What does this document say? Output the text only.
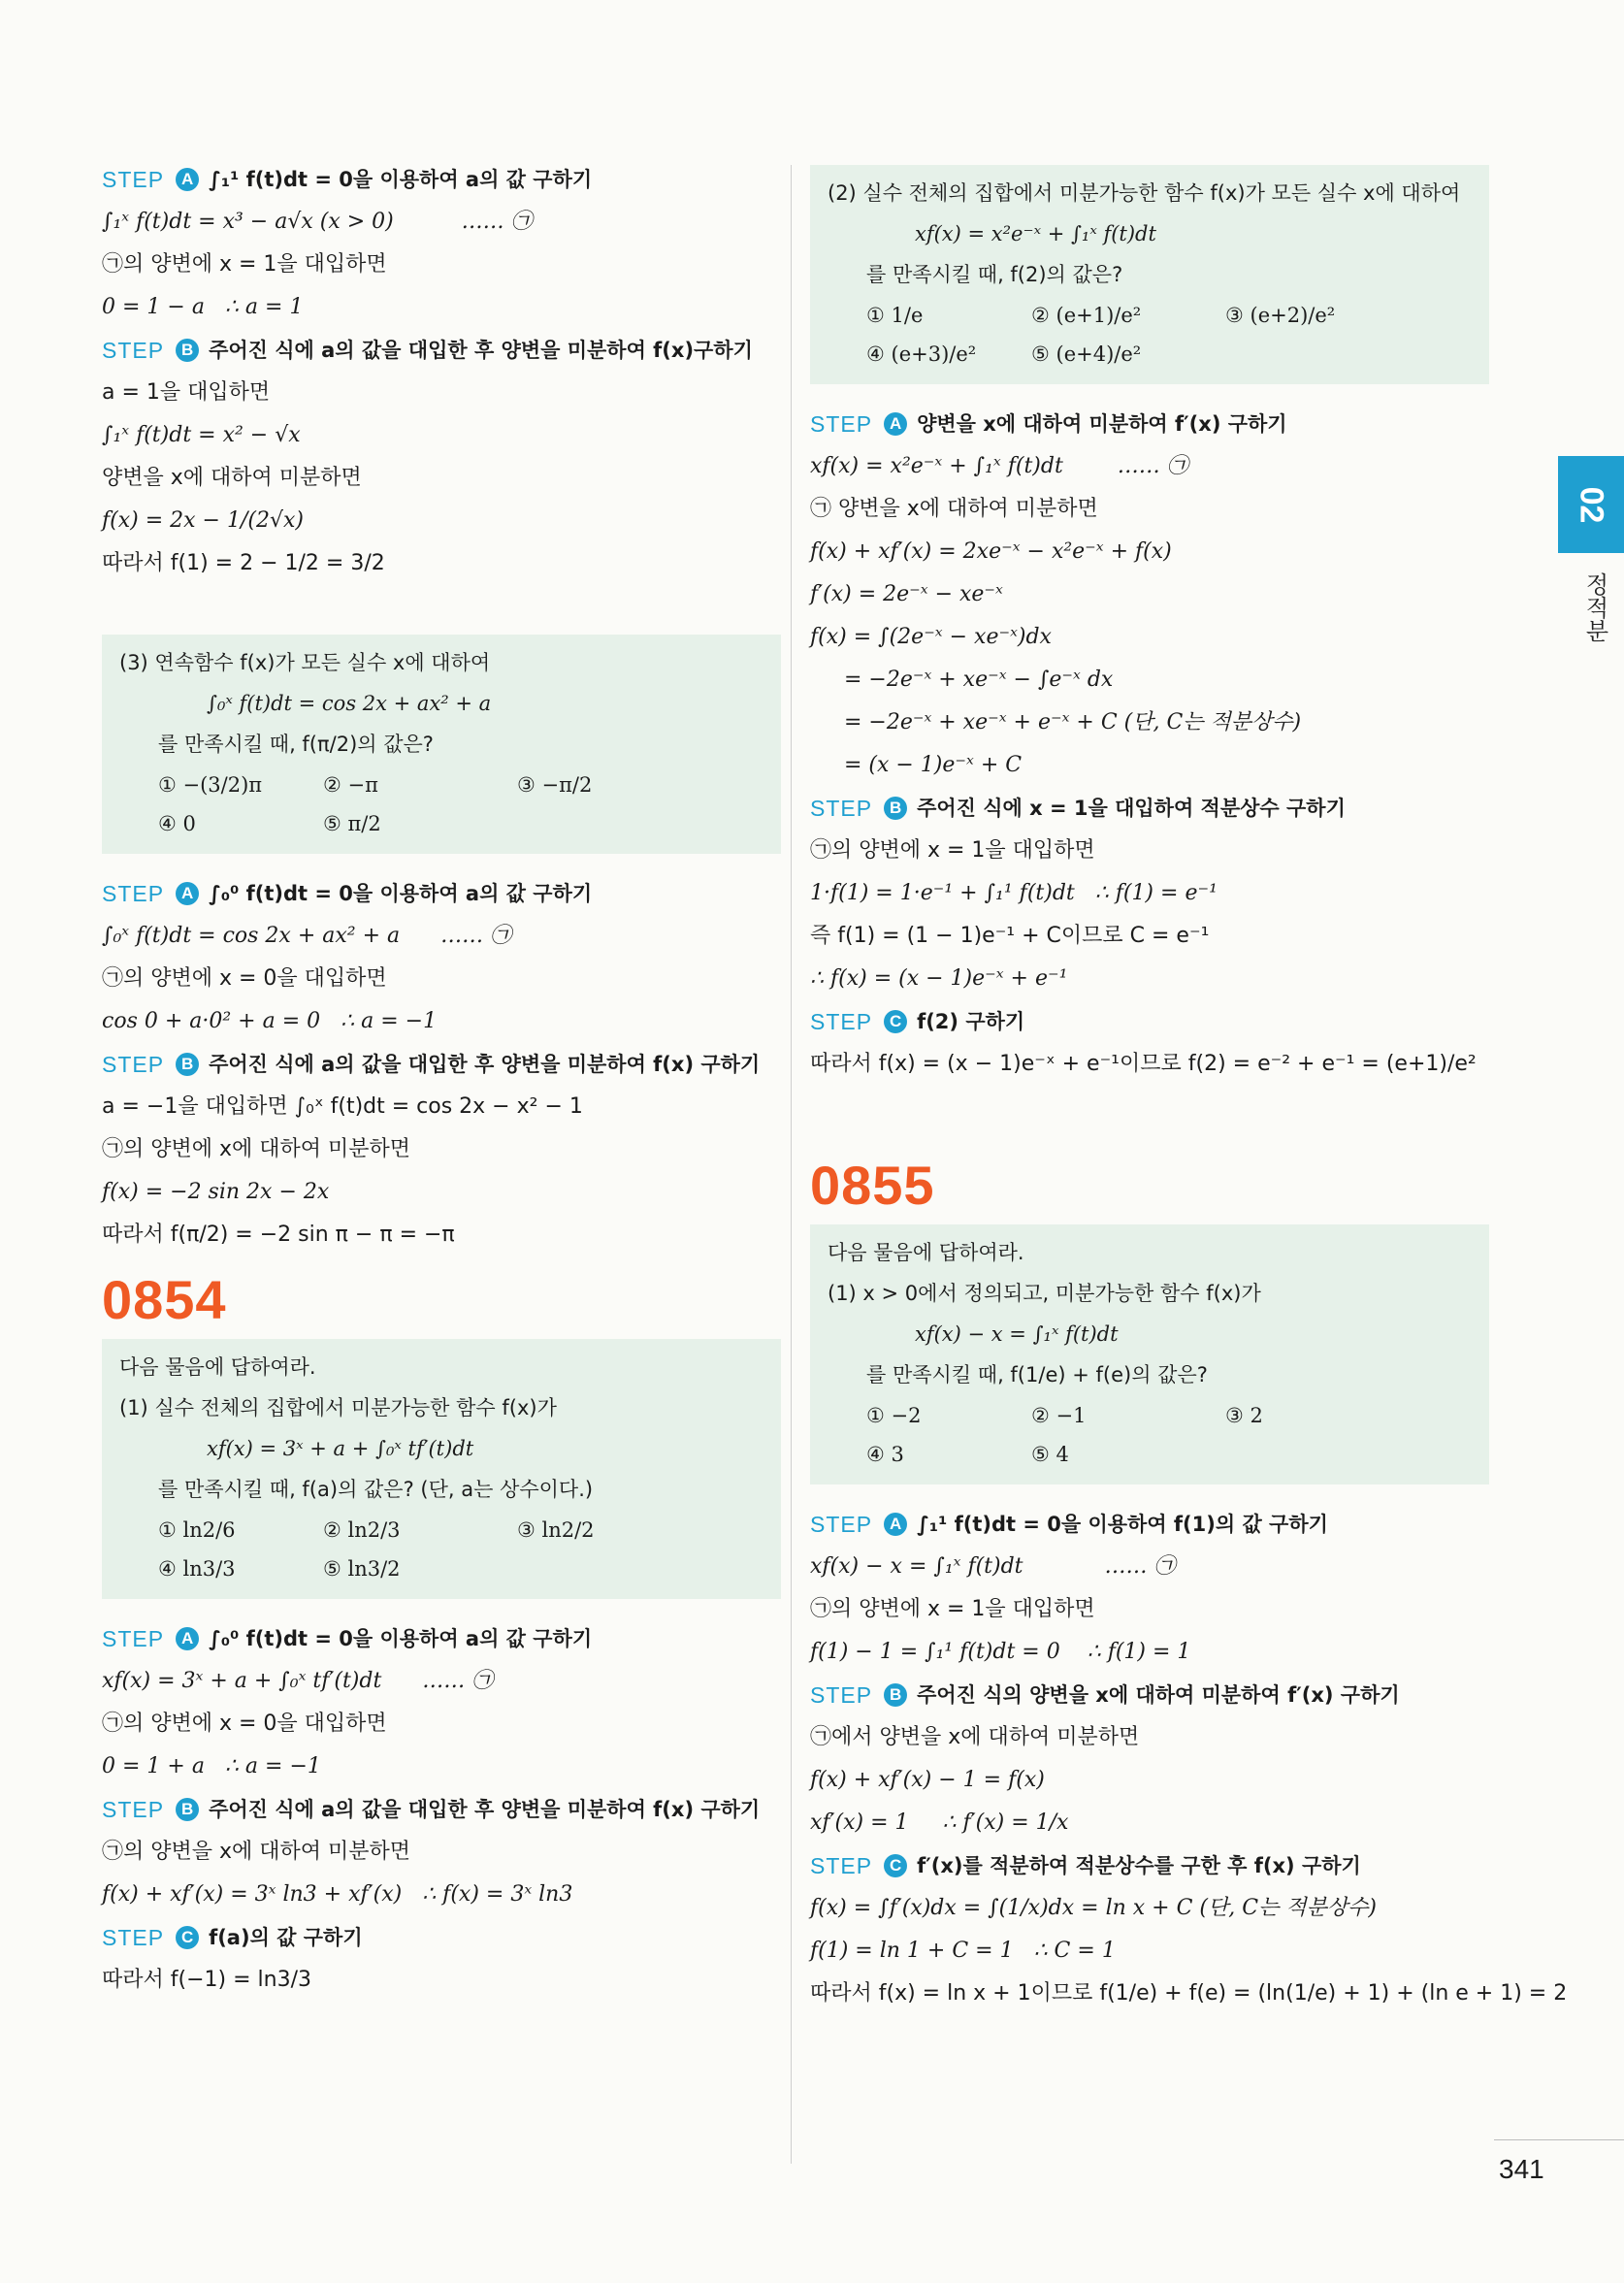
STEP	A ∫₁¹ f(t)dt = 0을 이용하여 a의 값 구하기
∫₁ˣ f(t)dt = x³ − a√x (x > 0)          …… ㉠
㉠의 양변에 x = 1을 대입하면
0 = 1 − a   ∴ a = 1
STEP	B 주어진 식에 a의 값을 대입한 후 양변을 미분하여 f(x)구하기
a = 1을 대입하면
∫₁ˣ f(t)dt = x² − √x
양변을 x에 대하여 미분하면
f(x) = 2x − 1/(2√x)
따라서 f(1) = 2 − 1/2 = 3/2
(3) 연속함수 f(x)가 모든 실수 x에 대하여
∫₀ˣ f(t)dt = cos 2x + ax² + a
를 만족시킬 때, f(π/2)의 값은?
① −(3/2)π	② −π	③ −π/2
④ 0	⑤ π/2
STEP	A ∫₀⁰ f(t)dt = 0을 이용하여 a의 값 구하기
∫₀ˣ f(t)dt = cos 2x + ax² + a      …… ㉠
㉠의 양변에 x = 0을 대입하면
cos 0 + a·0² + a = 0   ∴ a = −1
STEP	B 주어진 식에 a의 값을 대입한 후 양변을 미분하여 f(x) 구하기
a = −1을 대입하면 ∫₀ˣ f(t)dt = cos 2x − x² − 1
㉠의 양변에 x에 대하여 미분하면
f(x) = −2 sin 2x − 2x
따라서 f(π/2) = −2 sin π − π = −π
0854
다음 물음에 답하여라.
(1) 실수 전체의 집합에서 미분가능한 함수 f(x)가
xf(x) = 3ˣ + a + ∫₀ˣ tf′(t)dt
를 만족시킬 때, f(a)의 값은? (단, a는 상수이다.)
① ln2/6	② ln2/3	③ ln2/2
④ ln3/3	⑤ ln3/2
STEP	A ∫₀⁰ f(t)dt = 0을 이용하여 a의 값 구하기
xf(x) = 3ˣ + a + ∫₀ˣ tf′(t)dt      …… ㉠
㉠의 양변에 x = 0을 대입하면
0 = 1 + a   ∴ a = −1
STEP	B 주어진 식에 a의 값을 대입한 후 양변을 미분하여 f(x) 구하기
㉠의 양변을 x에 대하여 미분하면
f(x) + xf′(x) = 3ˣ ln3 + xf′(x)   ∴ f(x) = 3ˣ ln3
STEP	C f(a)의 값 구하기
따라서 f(−1) = ln3/3
(2) 실수 전체의 집합에서 미분가능한 함수 f(x)가 모든 실수 x에 대하여
xf(x) = x²e⁻ˣ + ∫₁ˣ f(t)dt
를 만족시킬 때, f(2)의 값은?
① 1/e	② (e+1)/e²	③ (e+2)/e²
④ (e+3)/e²	⑤ (e+4)/e²
STEP	A 양변을 x에 대하여 미분하여 f′(x) 구하기
xf(x) = x²e⁻ˣ + ∫₁ˣ f(t)dt        …… ㉠
㉠ 양변을 x에 대하여 미분하면
f(x) + xf′(x) = 2xe⁻ˣ − x²e⁻ˣ + f(x)
f′(x) = 2e⁻ˣ − xe⁻ˣ
f(x) = ∫(2e⁻ˣ − xe⁻ˣ)dx
= −2e⁻ˣ + xe⁻ˣ − ∫e⁻ˣ dx
= −2e⁻ˣ + xe⁻ˣ + e⁻ˣ + C (단, C는 적분상수)
= (x − 1)e⁻ˣ + C
STEP	B 주어진 식에 x = 1을 대입하여 적분상수 구하기
㉠의 양변에 x = 1을 대입하면
1·f(1) = 1·e⁻¹ + ∫₁¹ f(t)dt   ∴ f(1) = e⁻¹
즉 f(1) = (1 − 1)e⁻¹ + C이므로 C = e⁻¹
∴ f(x) = (x − 1)e⁻ˣ + e⁻¹
STEP	C f(2) 구하기
따라서 f(x) = (x − 1)e⁻ˣ + e⁻¹이므로 f(2) = e⁻² + e⁻¹ = (e+1)/e²
0855
다음 물음에 답하여라.
(1) x > 0에서 정의되고, 미분가능한 함수 f(x)가
xf(x) − x = ∫₁ˣ f(t)dt
를 만족시킬 때, f(1/e) + f(e)의 값은?
① −2	② −1	③ 2
④ 3	⑤ 4
STEP	A ∫₁¹ f(t)dt = 0을 이용하여 f(1)의 값 구하기
xf(x) − x = ∫₁ˣ f(t)dt            …… ㉠
㉠의 양변에 x = 1을 대입하면
f(1) − 1 = ∫₁¹ f(t)dt = 0    ∴ f(1) = 1
STEP	B 주어진 식의 양변을 x에 대하여 미분하여 f′(x) 구하기
㉠에서 양변을 x에 대하여 미분하면
f(x) + xf′(x) − 1 = f(x)
xf′(x) = 1     ∴ f′(x) = 1/x
STEP	C f′(x)를 적분하여 적분상수를 구한 후 f(x) 구하기
f(x) = ∫f′(x)dx = ∫(1/x)dx = ln x + C (단, C는 적분상수)
f(1) = ln 1 + C = 1   ∴ C = 1
따라서 f(x) = ln x + 1이므로 f(1/e) + f(e) = (ln(1/e) + 1) + (ln e + 1) = 2
02
정적분
341
